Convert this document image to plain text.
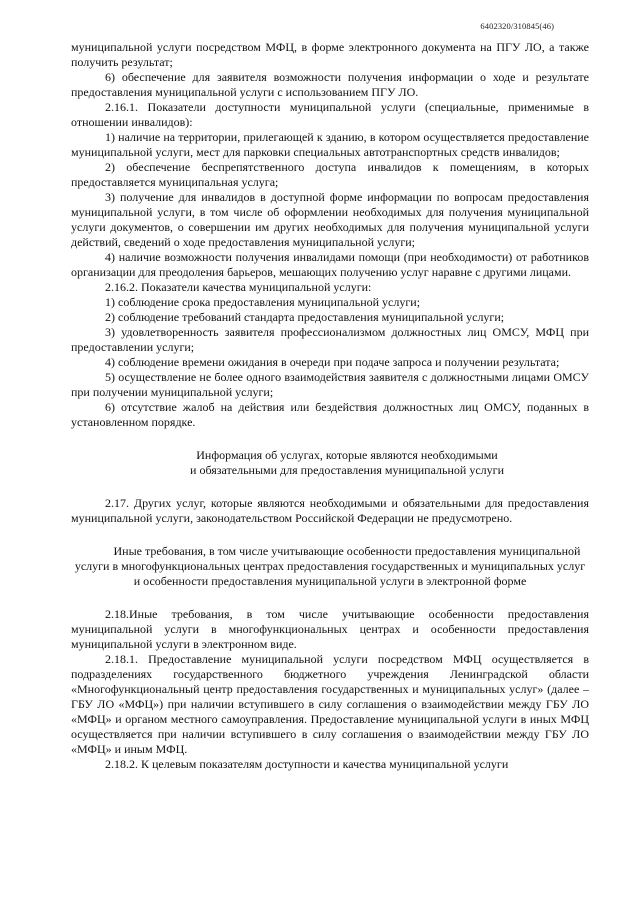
6402320/310845(46)

муниципальной услуги посредством МФЦ, в форме электронного документа на ПГУ ЛО, а также получить результат;

6) обеспечение для заявителя возможности получения информации о ходе и результате предоставления муниципальной услуги с использованием ПГУ ЛО.

2.16.1. Показатели доступности муниципальной услуги (специальные, применимые в отношении инвалидов):

1) наличие на территории, прилегающей к зданию, в котором осуществляется предоставление муниципальной услуги, мест для парковки специальных автотранспортных средств инвалидов;

2) обеспечение беспрепятственного доступа инвалидов к помещениям, в которых предоставляется муниципальная услуга;

3) получение для инвалидов в доступной форме информации по вопросам предоставления муниципальной услуги, в том числе об оформлении необходимых для получения муниципальной услуги документов, о совершении им других необходимых для получения муниципальной услуги действий, сведений о ходе предоставления муниципальной услуги;

4) наличие возможности получения инвалидами помощи (при необходимости) от работников организации для преодоления барьеров, мешающих получению услуг наравне с другими лицами.

2.16.2. Показатели качества муниципальной услуги:

1) соблюдение срока предоставления муниципальной услуги;

2) соблюдение требований стандарта предоставления муниципальной услуги;

3) удовлетворенность заявителя профессионализмом должностных лиц ОМСУ, МФЦ при предоставлении услуги;

4) соблюдение времени ожидания в очереди при подаче запроса и получении результата;

5) осуществление не более одного взаимодействия заявителя с должностными лицами ОМСУ при получении муниципальной услуги;

6) отсутствие жалоб на действия или бездействия должностных лиц ОМСУ, поданных в установленном порядке.

Информация об услугах, которые являются необходимыми

и обязательными для предоставления муниципальной услуги

2.17. Других услуг, которые являются необходимыми и обязательными для предоставления муниципальной услуги, законодательством Российской Федерации не предусмотрено.

Иные требования, в том числе учитывающие особенности предоставления муниципальной услуги в многофункциональных центрах предоставления государственных и муниципальных услуг и особенности предоставления муниципальной услуги в электронной форме

2.18.Иные требования, в том числе учитывающие особенности предоставления муниципальной услуги в многофункциональных центрах и особенности предоставления муниципальной услуги в электронном виде.

2.18.1. Предоставление муниципальной услуги посредством МФЦ осуществляется в подразделениях государственного бюджетного учреждения Ленинградской области «Многофункциональный центр предоставления государственных и муниципальных услуг» (далее – ГБУ ЛО «МФЦ») при наличии вступившего в силу соглашения о взаимодействии между ГБУ ЛО «МФЦ» и органом местного самоуправления. Предоставление муниципальной услуги в иных МФЦ осуществляется при наличии вступившего в силу соглашения о взаимодействии между ГБУ ЛО «МФЦ» и иным МФЦ.

2.18.2. К целевым показателям доступности и качества муниципальной услуги
